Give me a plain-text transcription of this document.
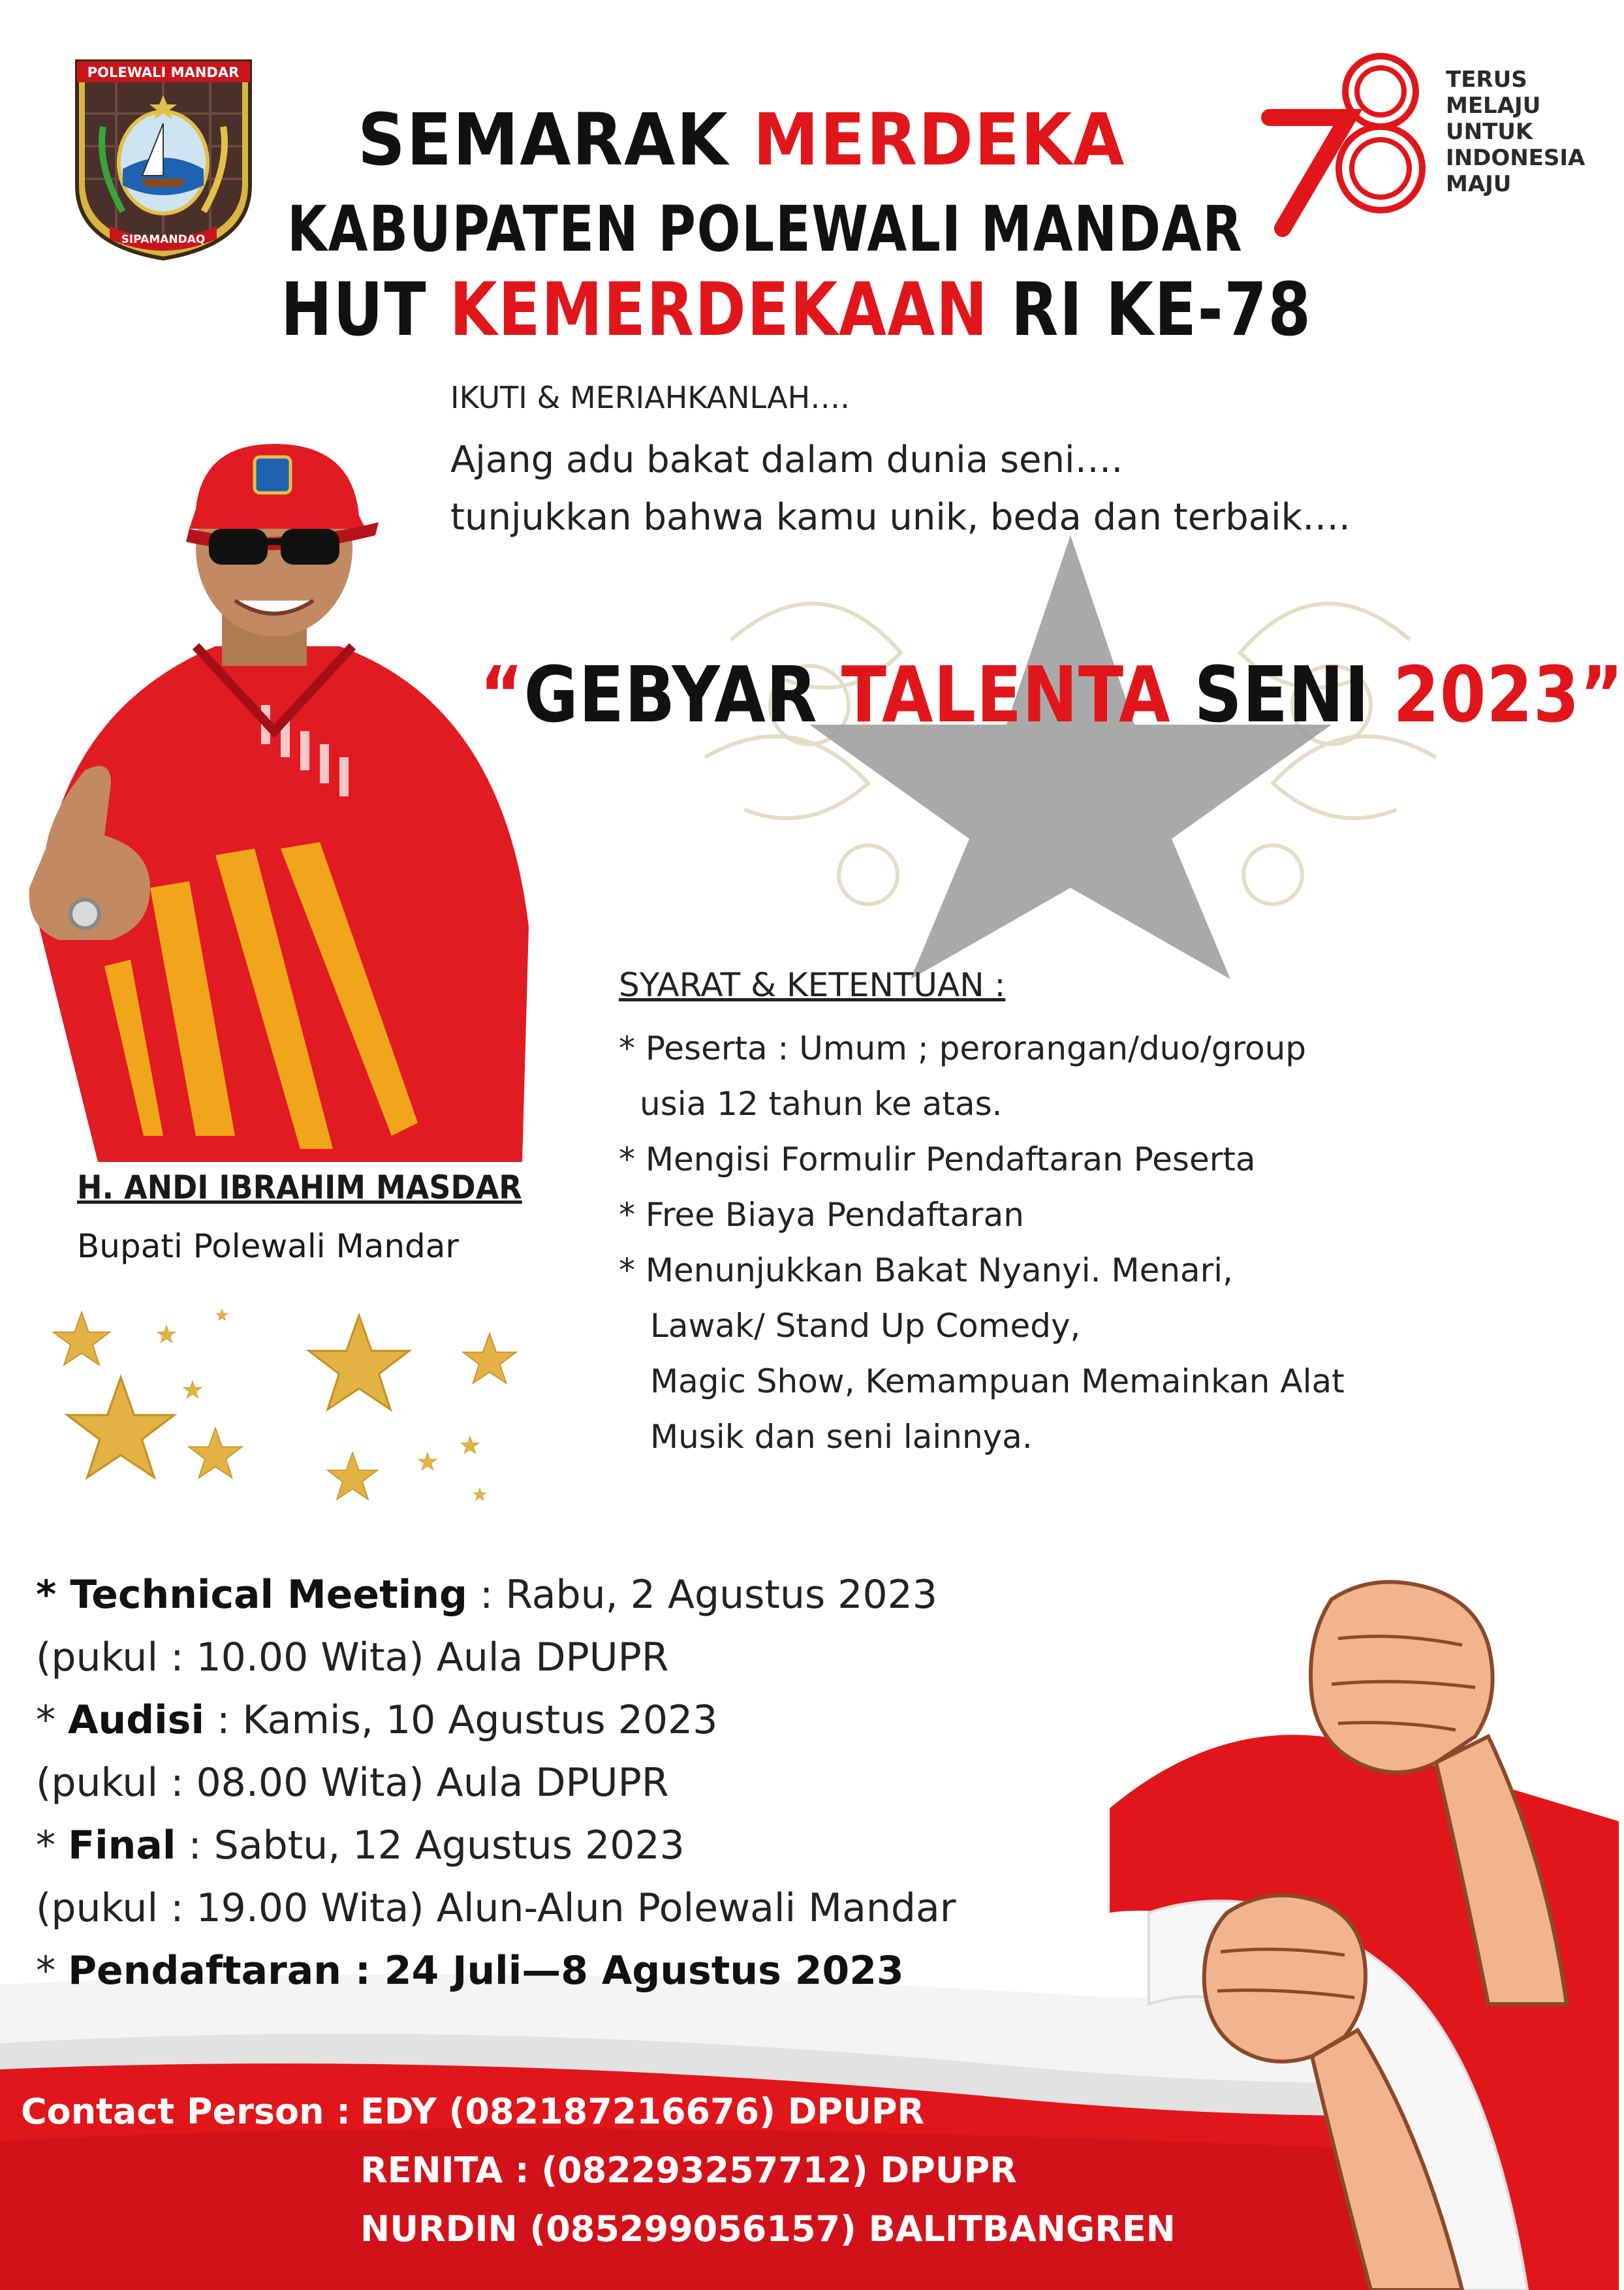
POLEWALI MANDAR
SIPAMANDAQ
SEMARAK MERDEKA
KABUPATEN POLEWALI MANDAR
HUT KEMERDEKAAN RI KE-78
78
TERUS
MELAJU
UNTUK
INDONESIA
MAJU
IKUTI & MERIAHKANLAH….
Ajang adu bakat dalam dunia seni….
tunjukkan bahwa kamu unik, beda dan terbaik….
“GEBYAR TALENTA SENI 2023”
H. ANDI IBRAHIM MASDAR
Bupati Polewali Mandar
SYARAT & KETENTUAN :
* Peserta : Umum ; perorangan/duo/group
usia 12 tahun ke atas.
* Mengisi Formulir Pendaftaran Peserta
* Free Biaya Pendaftaran
* Menunjukkan Bakat Nyanyi. Menari,
Lawak/ Stand Up Comedy,
Magic Show, Kemampuan Memainkan Alat
Musik dan seni lainnya.
* Technical Meeting : Rabu, 2 Agustus 2023
(pukul : 10.00 Wita) Aula DPUPR
* Audisi : Kamis, 10 Agustus 2023
(pukul : 08.00 Wita) Aula DPUPR
* Final : Sabtu, 12 Agustus 2023
(pukul : 19.00 Wita) Alun-Alun Polewali Mandar
* Pendaftaran : 24 Juli—8 Agustus 2023
Contact Person : EDY (082187216676) DPUPR
RENITA : (082293257712) DPUPR
NURDIN (085299056157) BALITBANGREN
